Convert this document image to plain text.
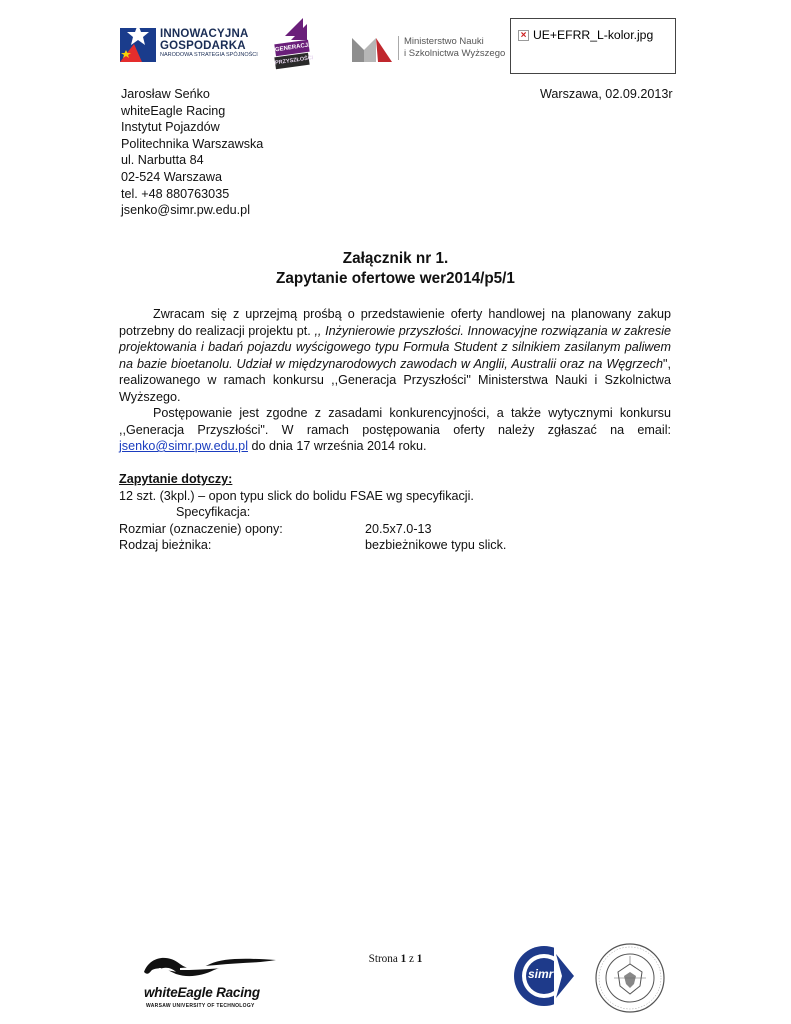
INNOWACYJNA
GOSPODARKA
NARODOWA STRATEGIA SPÓJNOŚCI
GENERACJA
PRZYSZŁOŚCI
Ministerstwo Nauki
i Szkolnictwa Wyższego
× UE+EFRR_L-kolor.jpg
Jarosław Seńko
whiteEagle Racing
Instytut Pojazdów
Politechnika Warszawska
ul. Narbutta 84
02-524 Warszawa
tel. +48 880763035
jsenko@simr.pw.edu.pl
Warszawa, 02.09.2013r
Załącznik nr 1.
Zapytanie ofertowe wer2014/p5/1

Zwracam się z uprzejmą prośbą o przedstawienie oferty handlowej na planowany zakup potrzebny do realizacji projektu pt. ,, Inżynierowie przyszłości. Innowacyjne rozwiązania w zakresie projektowania i badań pojazdu wyścigowego typu Formuła Student z silnikiem zasilanym paliwem na bazie bioetanolu. Udział w międzynarodowych zawodach w Anglii, Australii oraz na Węgrzech", realizowanego w ramach konkursu ,,Generacja Przyszłości" Ministerstwa Nauki i Szkolnictwa Wyższego.

Postępowanie jest zgodne z zasadami konkurencyjności, a także wytycznymi konkursu ,,Generacja Przyszłości". W ramach postępowania oferty należy zgłaszać na email: jsenko@simr.pw.edu.pl do dnia 17 września 2014 roku.

Zapytanie dotyczy:
12 szt. (3kpl.) – opon typu slick do bolidu FSAE wg specyfikacji.
Specyfikacja:
Rozmiar (oznaczenie) opony:	20.5x7.0-13
Rodzaj bieżnika:	bezbieżnikowe typu slick.
Strona 1 z 1
whiteEagle Racing
WARSAW UNIVERSITY OF TECHNOLOGY
simr
